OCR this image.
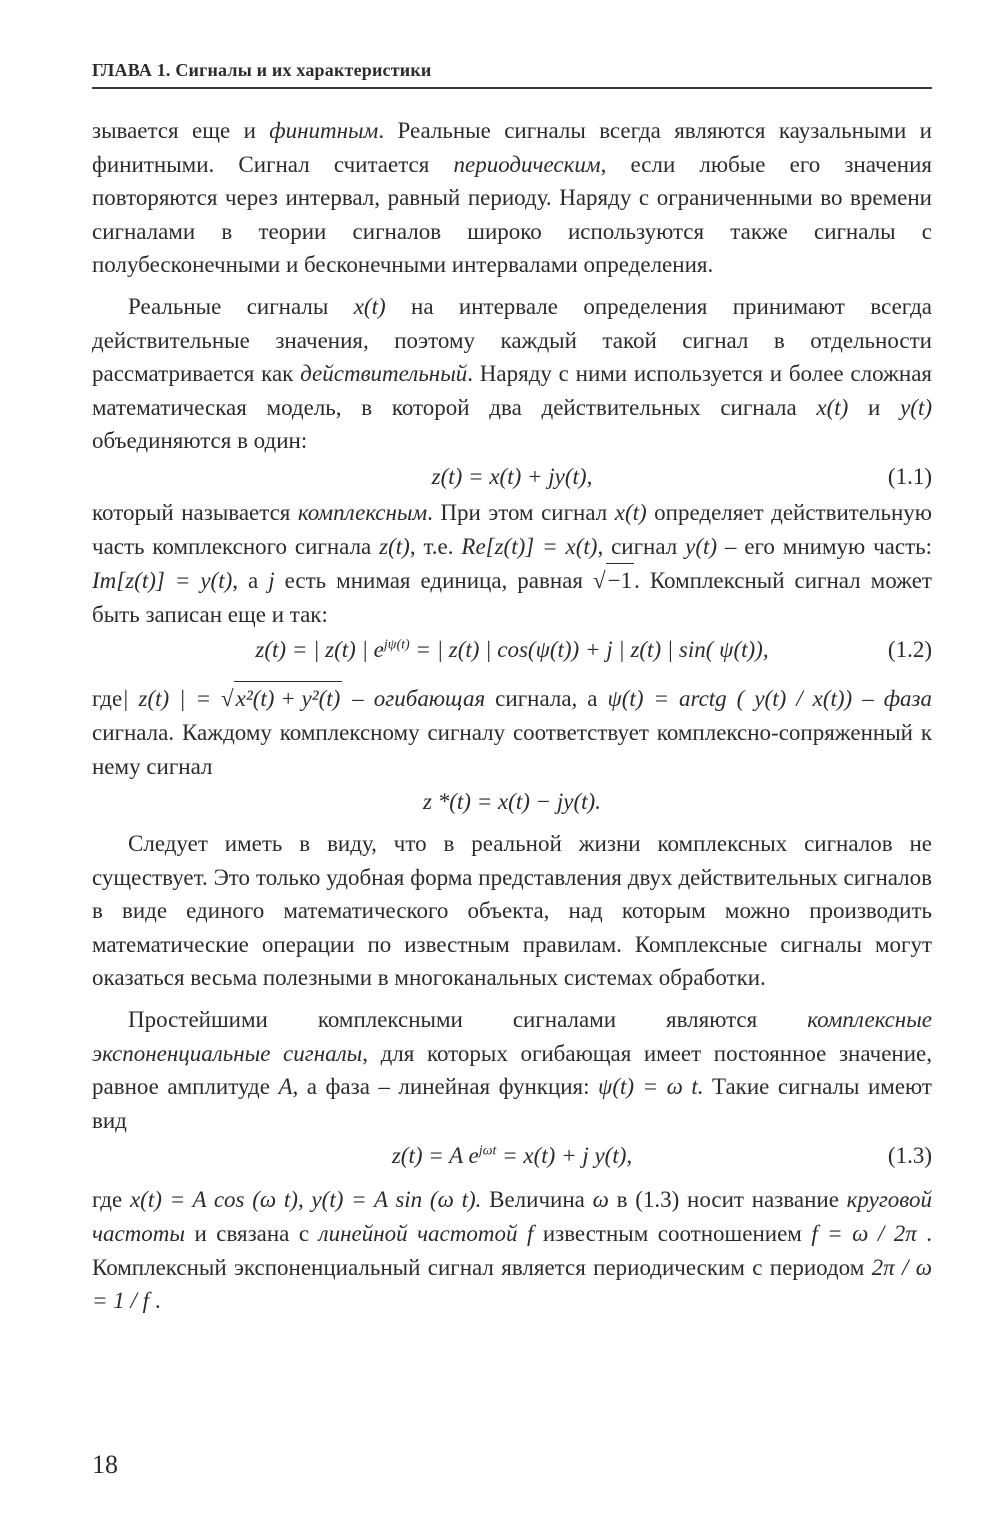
ГЛАВА 1. Сигналы и их характеристики

зывается еще и финитным. Реальные сигналы всегда являются каузальными и финитными. Сигнал считается периодическим, если любые его значения повторяются через интервал, равный периоду. Наряду с ограниченными во времени сигналами в теории сигналов широко используются также сигналы с полубесконечными и бесконечными интервалами определения.

Реальные сигналы x(t) на интервале определения принимают всегда действительные значения, поэтому каждый такой сигнал в отдельности рассматривается как действительный. Наряду с ними используется и более сложная математическая модель, в которой два действительных сигнала x(t) и y(t) объединяются в один:

z(t) = x(t) + jy(t),	(1.1)

который называется комплексным. При этом сигнал x(t) определяет действительную часть комплексного сигнала z(t), т.е. Re[z(t)] = x(t), сигнал y(t) – его мнимую часть: Im[z(t)] = y(t), а j есть мнимая единица, равная √−1. Комплексный сигнал может быть записан еще и так:

z(t) = | z(t) | $e^{j\psi(t)}$ = | z(t) | cos(ψ(t)) + j | z(t) | sin( ψ(t)),	(1.2)

где| z(t) | = √x²(t) + y²(t) – огибающая сигнала, а ψ(t) = arctg ( y(t) / x(t)) – фаза сигнала. Каждому комплексному сигналу соответствует комплексно-сопряженный к нему сигнал

z *(t) = x(t) − jy(t).

Следует иметь в виду, что в реальной жизни комплексных сигналов не существует. Это только удобная форма представления двух действительных сигналов в виде единого математического объекта, над которым можно производить математические операции по известным правилам. Комплексные сигналы могут оказаться весьма полезными в многоканальных системах обработки.

Простейшими комплексными сигналами являются комплексные экспоненциальные сигналы, для которых огибающая имеет постоянное значение, равное амплитуде A, а фаза – линейная функция: ψ(t) = ω t. Такие сигналы имеют вид

z(t) = A $e^{j\omega t} = x(t) + j$ y(t),	(1.3)

где x(t) = A cos (ω t), y(t) = A sin (ω t). Величина ω в (1.3) носит название круговой частоты и связана с линейной частотой f известным соотношением f = ω / 2π . Комплексный экспоненциальный сигнал является периодическим с периодом 2π / ω = 1 / f .

18
